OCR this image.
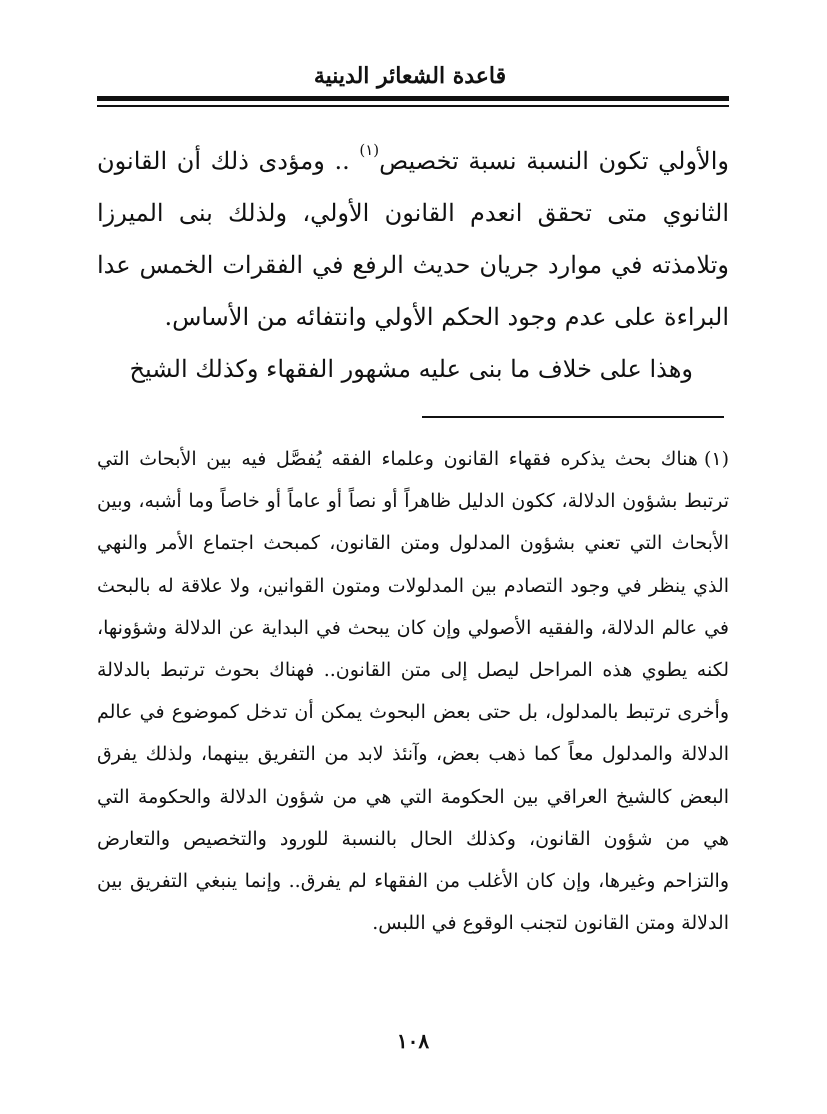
قاعدة الشعائر الدينية

والأولي تكون النسبة نسبة تخصيص$^{(١)}$ .. ومؤدى ذلك أن القانون الثانوي متى تحقق انعدم القانون الأولي، ولذلك بنى الميرزا وتلامذته في موارد جريان حديث الرفع في الفقرات الخمس عدا البراءة على عدم وجود الحكم الأولي وانتفائه من الأساس.

وهذا على خلاف ما بنى عليه مشهور الفقهاء وكذلك الشيخ

(١)هناك بحث يذكره فقهاء القانون وعلماء الفقه يُفصَّل فيه بين الأبحاث التي ترتبط بشؤون الدلالة، ككون الدليل ظاهراً أو نصاً أو عاماً أو خاصاً وما أشبه، وبين الأبحاث التي تعني بشؤون المدلول ومتن القانون، كمبحث اجتماع الأمر والنهي الذي ينظر في وجود التصادم بين المدلولات ومتون القوانين، ولا علاقة له بالبحث في عالم الدلالة، والفقيه الأصولي وإن كان يبحث في البداية عن الدلالة وشؤونها، لكنه يطوي هذه المراحل ليصل إلى متن القانون.. فهناك بحوث ترتبط بالدلالة وأخرى ترتبط بالمدلول، بل حتى بعض البحوث يمكن أن تدخل كموضوع في عالم الدلالة والمدلول معاً كما ذهب بعض، وآنئذ لابد من التفريق بينهما، ولذلك يفرق البعض كالشيخ العراقي بين الحكومة التي هي من شؤون الدلالة والحكومة التي هي من شؤون القانون، وكذلك الحال بالنسبة للورود والتخصيص والتعارض والتزاحم وغيرها، وإن كان الأغلب من الفقهاء لم يفرق.. وإنما ينبغي التفريق بين الدلالة ومتن القانون لتجنب الوقوع في اللبس.

١٠٨
